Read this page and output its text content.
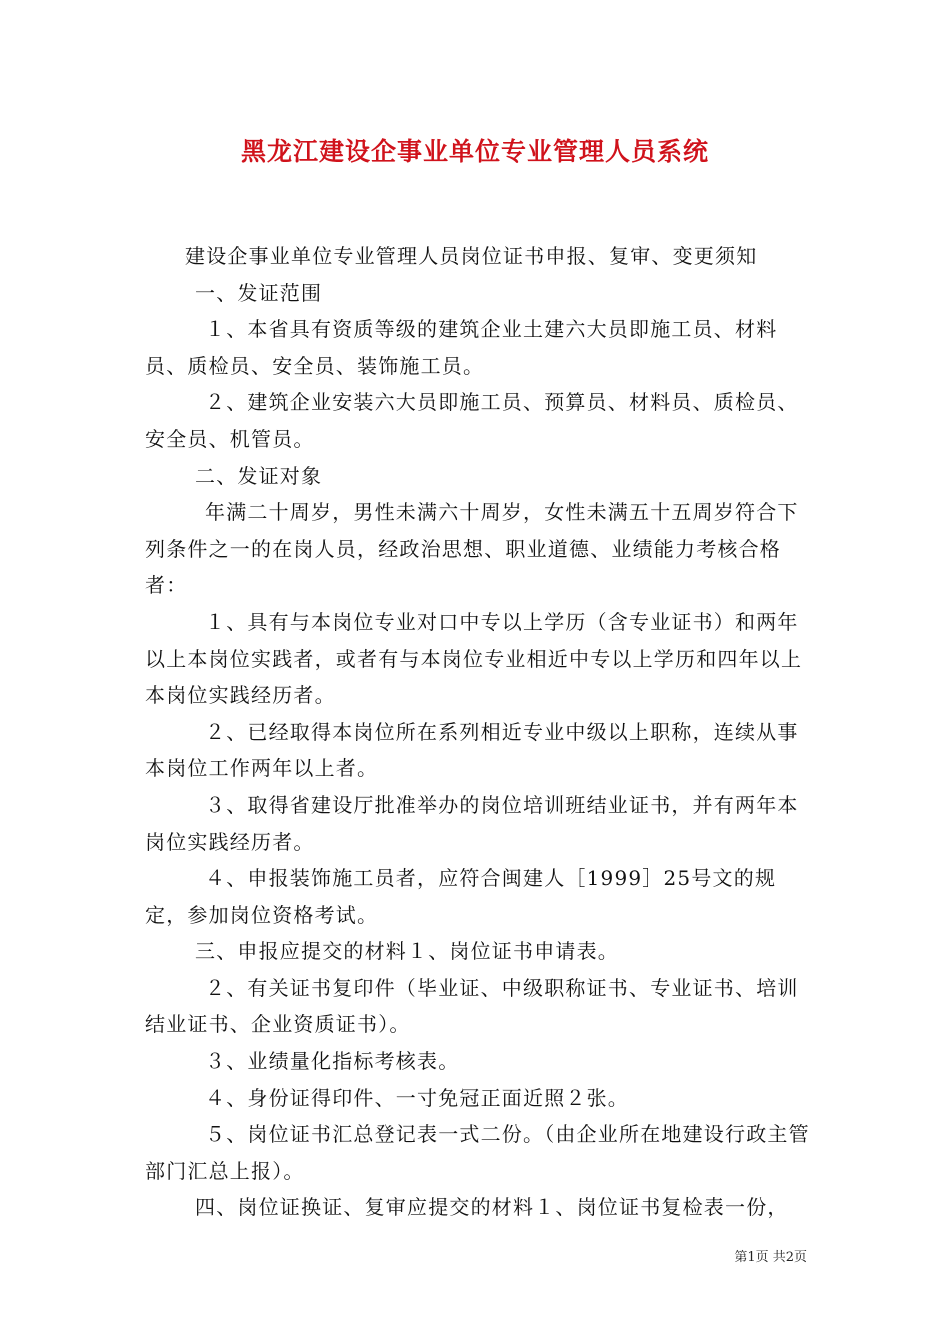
黑龙江建设企事业单位专业管理人员系统

建设企事业单位专业管理人员岗位证书申报、复审、变更须知

一、发证范围

１、本省具有资质等级的建筑企业土建六大员即施工员、材料员、质检员、安全员、装饰施工员。

２、建筑企业安装六大员即施工员、预算员、材料员、质检员、安全员、机管员。

二、发证对象

年满二十周岁，男性未满六十周岁，女性未满五十五周岁符合下列条件之一的在岗人员，经政治思想、职业道德、业绩能力考核合格者：

１、具有与本岗位专业对口中专以上学历（含专业证书）和两年以上本岗位实践者，或者有与本岗位专业相近中专以上学历和四年以上本岗位实践经历者。

２、已经取得本岗位所在系列相近专业中级以上职称，连续从事本岗位工作两年以上者。

３、取得省建设厅批准举办的岗位培训班结业证书，并有两年本岗位实践经历者。

４、申报装饰施工员者，应符合闽建人［1999］25号文的规定，参加岗位资格考试。

三、申报应提交的材料１、岗位证书申请表。

２、有关证书复印件（毕业证、中级职称证书、专业证书、培训结业证书、企业资质证书）。

３、业绩量化指标考核表。

４、身份证得印件、一寸免冠正面近照２张。

５、岗位证书汇总登记表一式二份。（由企业所在地建设行政主管部门汇总上报）。

四、岗位证换证、复审应提交的材料１、岗位证书复检表一份，

第1页 共2页
